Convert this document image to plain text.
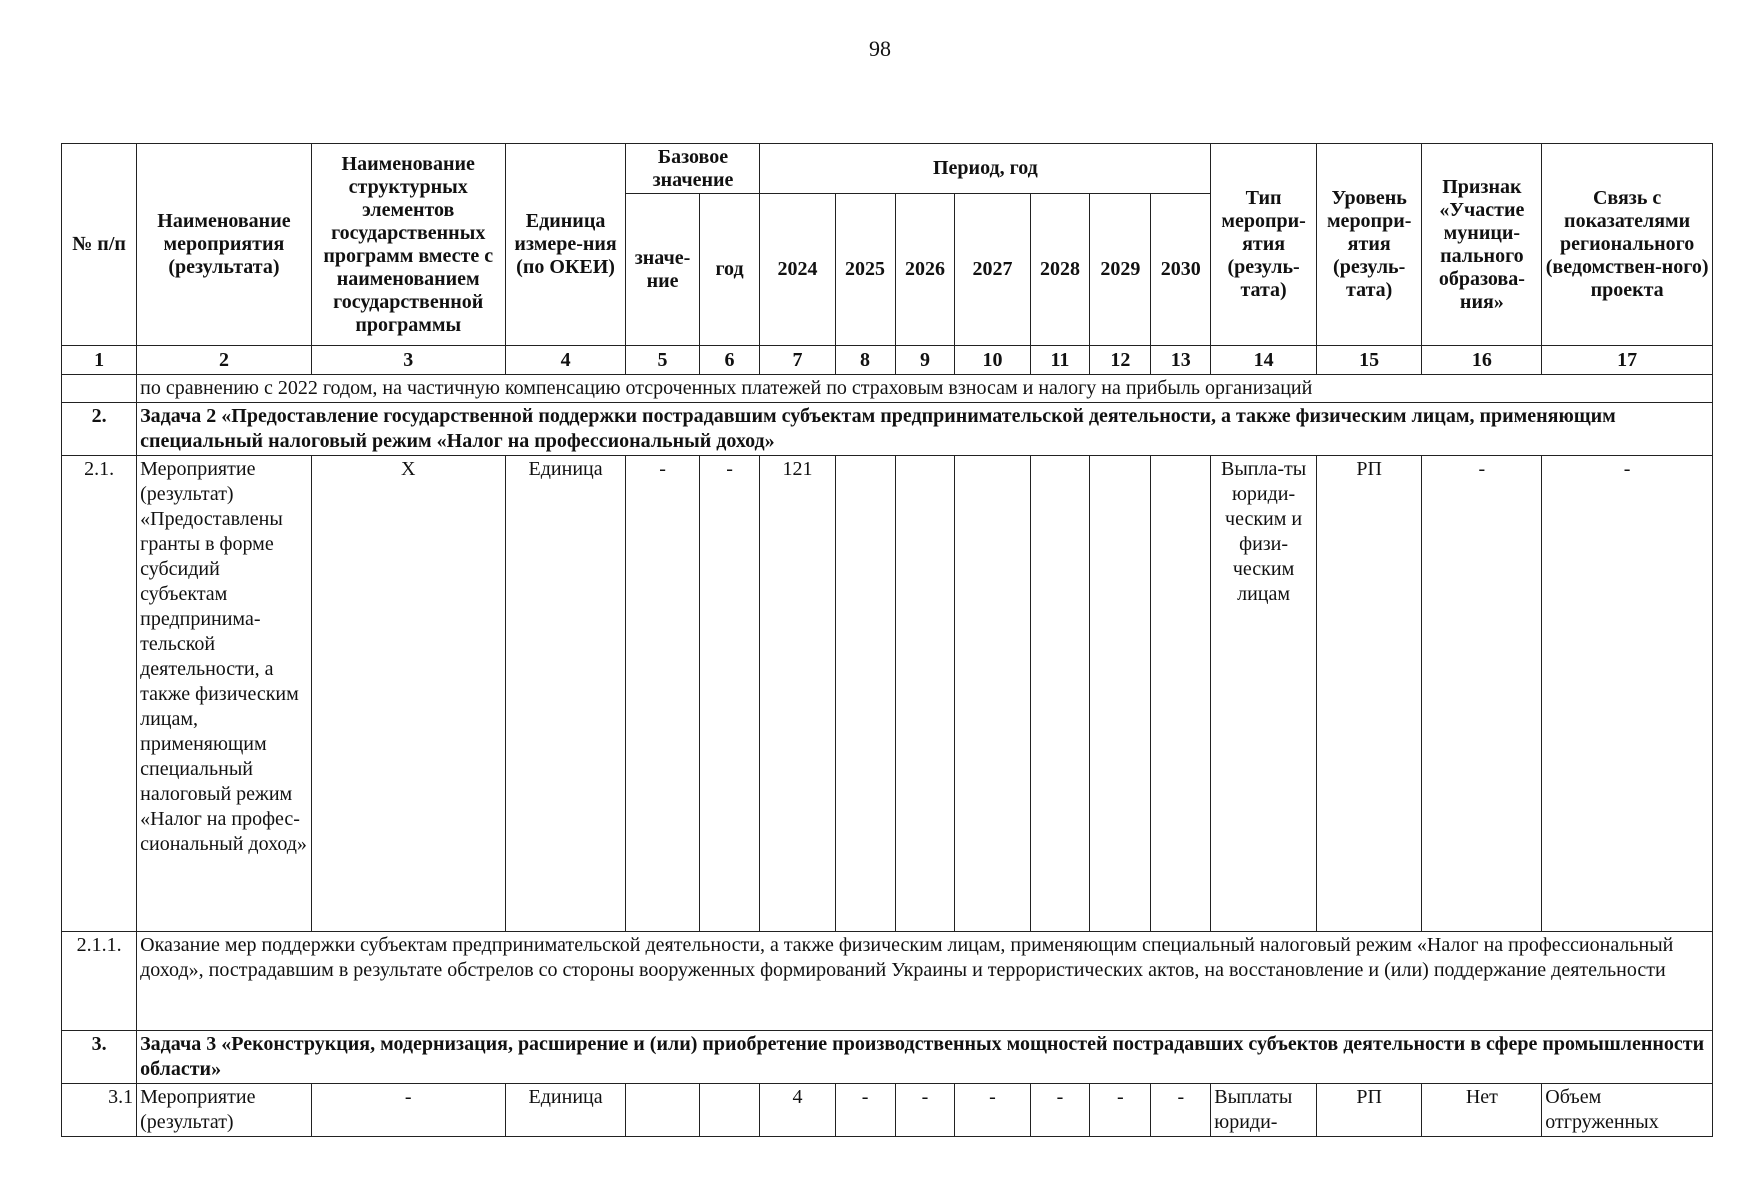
98
№ п/п	Наименование мероприятия (результата)	Наименование структурных элементов государственных программ вместе с наименованием государственной программы	Единица измере-ния (по ОКЕИ)	Базовое значение		Период, год							Тип меропри-ятия (резуль-тата)	Уровень меропри-ятия (резуль-тата)	Признак «Участие муници-пального образова-ния»	Связь с показателями регионального (ведомствен-ного) проекта
				значе-ние	год	2024	2025	2026	2027	2028	2029	2030				
1	2	3	4	5	6	7	8	9	10	11	12	13	14	15	16	17
	по сравнению с 2022 годом, на частичную компенсацию отсроченных платежей по страховым взносам и налогу на прибыль организаций															
2.	Задача 2 «Предоставление государственной поддержки пострадавшим субъектам предпринимательской деятельности, а также физическим лицам, применяющим специальный налоговый режим «Налог на профессиональный доход»															
2.1.	Мероприятие (результат) «Предоставлены гранты в форме субсидий субъектам предпринима-тельской деятельности, а также физическим лицам, применяющим специальный налоговый режим «Налог на профес-сиональный доход»	Х	Единица	-	-	121							Выпла-ты юриди-ческим и физи-ческим лицам	РП	-	-
2.1.1.	Оказание мер поддержки субъектам предпринимательской деятельности, а также физическим лицам, применяющим специальный налоговый режим «Налог на профессиональный доход», пострадавшим в результате обстрелов со стороны вооруженных формирований Украины и террористических актов, на восстановление и (или) поддержание деятельности															
3.	Задача 3 «Реконструкция, модернизация, расширение и (или) приобретение производственных мощностей пострадавших субъектов деятельности в сфере промышленности области»															
3.1	Мероприятие (результат)	-	Единица			4	-	-	-	-	-	-	Выплаты юриди-	РП	Нет	Объем отгруженных
